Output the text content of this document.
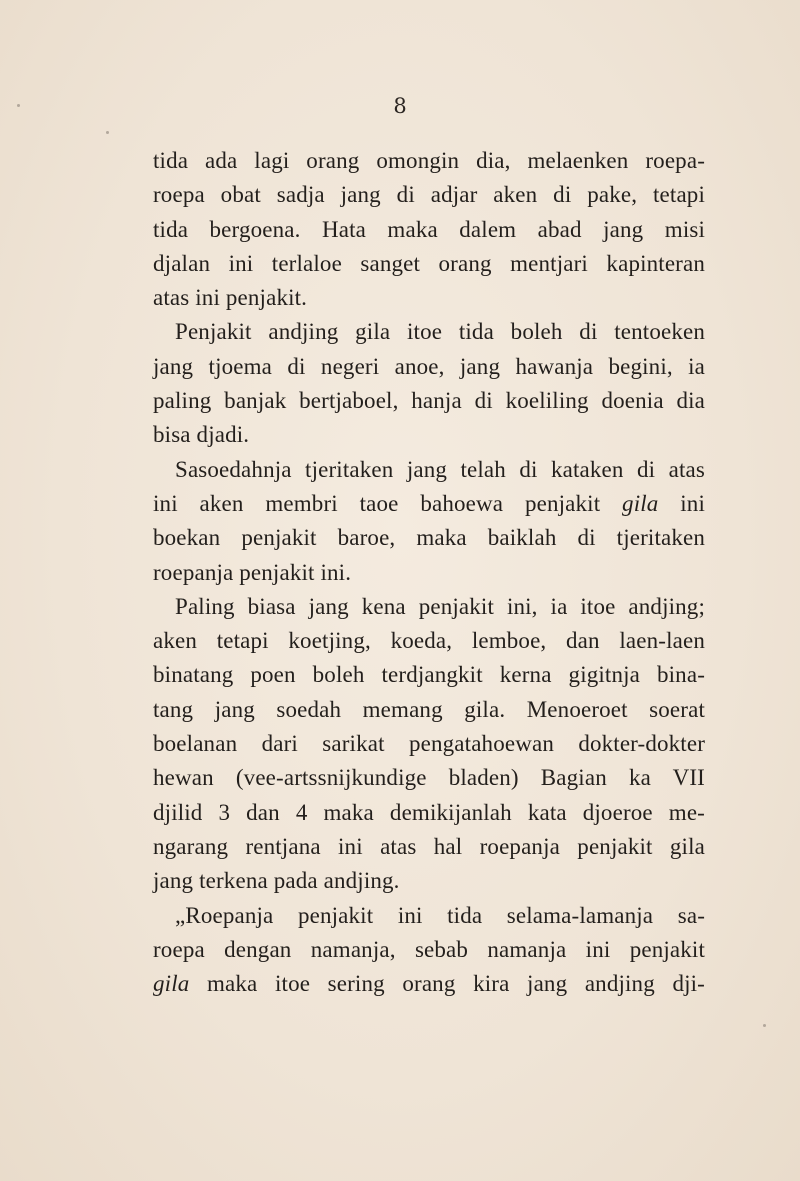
8
tida ada lagi orang omongin dia, melaenken roepa-
roepa obat sadja jang di adjar aken di pake, tetapi
tida bergoena. Hata maka dalem abad jang misi
djalan ini terlaloe sanget orang mentjari kapinteran
atas ini penjakit.
Penjakit andjing gila itoe tida boleh di tentoeken
jang tjoema di negeri anoe, jang hawanja begini, ia
paling banjak bertjaboel, hanja di koeliling doenia dia
bisa djadi.
Sasoedahnja tjeritaken jang telah di kataken di atas
ini aken membri taoe bahoewa penjakit gila ini
boekan penjakit baroe, maka baiklah di tjeritaken
roepanja penjakit ini.
Paling biasa jang kena penjakit ini, ia itoe andjing;
aken tetapi koetjing, koeda, lemboe, dan laen-laen
binatang poen boleh terdjangkit kerna gigitnja bina-
tang jang soedah memang gila. Menoeroet soerat
boelanan dari sarikat pengatahoewan dokter-dokter
hewan (vee-artssnijkundige bladen) Bagian ka VII
djilid 3 dan 4 maka demikijanlah kata djoeroe me-
ngarang rentjana ini atas hal roepanja penjakit gila
jang terkena pada andjing.
„Roepanja penjakit ini tida selama-lamanja sa-
roepa dengan namanja, sebab namanja ini penjakit
gila maka itoe sering orang kira jang andjing dji-
